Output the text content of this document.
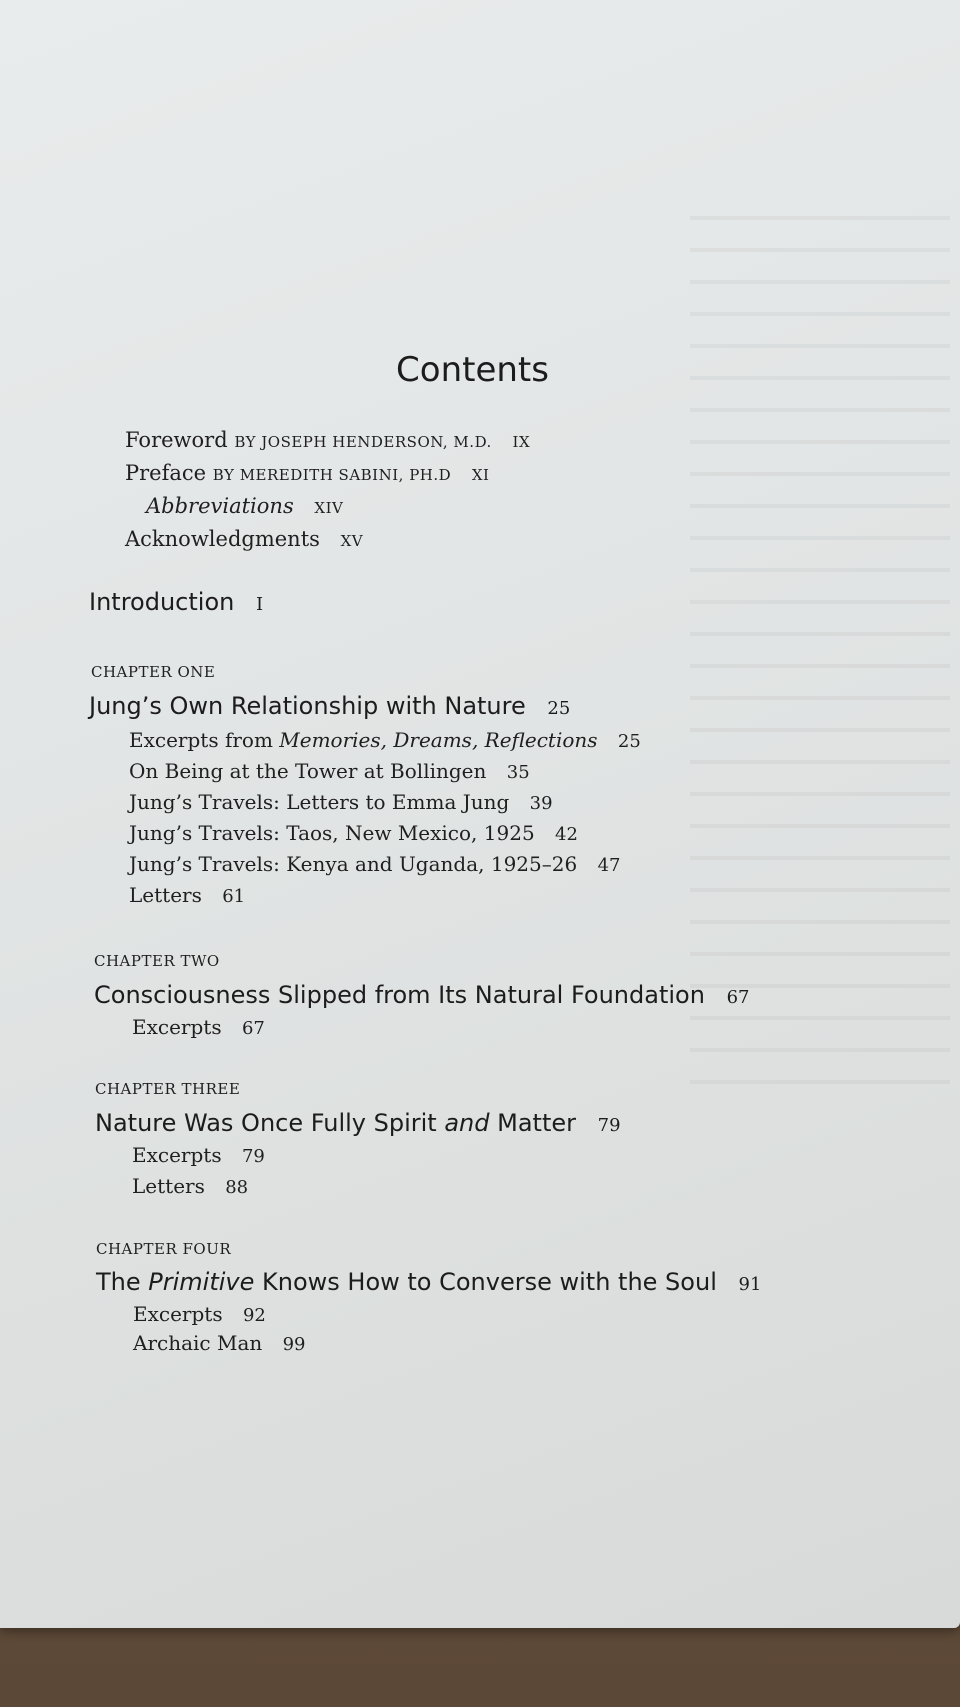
Contents
Foreword BY JOSEPH HENDERSON, M.D. IX
Preface BY MEREDITH SABINI, PH.D XI
Abbreviations XIV
Acknowledgments XV
Introduction I
CHAPTER ONE
Jung’s Own Relationship with Nature 25
Excerpts from Memories, Dreams, Reflections 25
On Being at the Tower at Bollingen 35
Jung’s Travels: Letters to Emma Jung 39
Jung’s Travels: Taos, New Mexico, 1925 42
Jung’s Travels: Kenya and Uganda, 1925–26 47
Letters 61
CHAPTER TWO
Consciousness Slipped from Its Natural Foundation 67
Excerpts 67
CHAPTER THREE
Nature Was Once Fully Spirit and Matter 79
Excerpts 79
Letters 88
CHAPTER FOUR
The Primitive Knows How to Converse with the Soul 91
Excerpts 92
Archaic Man 99
